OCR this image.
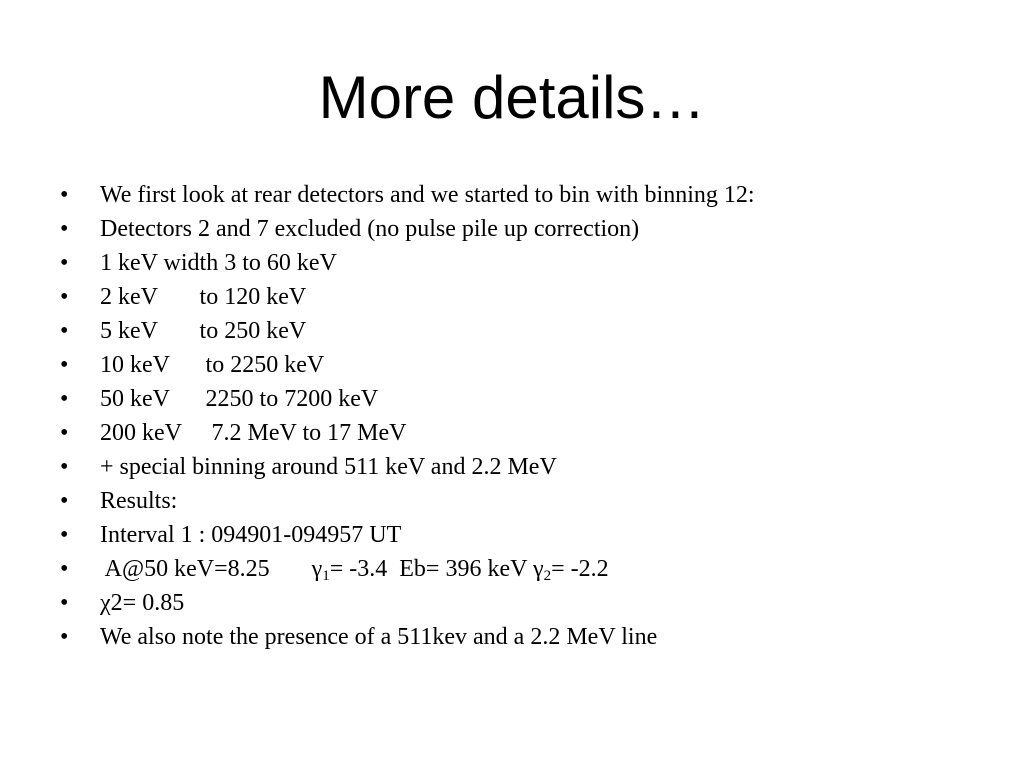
More details…

•

We first look at rear detectors and we started to bin with binning 12:

•

Detectors 2 and 7 excluded (no pulse pile up correction)

•

1 keV width 3 to 60 keV

•

2 keV       to 120 keV

•

5 keV       to 250 keV

•

10 keV      to 2250 keV

•

50 keV      2250 to 7200 keV

•

200 keV     7.2 MeV to 17 MeV

•

+ special binning around 511 keV and 2.2 MeV

•

Results:

•

Interval 1 : 094901-094957 UT

•

A@50 keV=8.25       $\gamma_1= -3.4$  Eb= 396 keV $\gamma_2= -2.2$

•

χ2= 0.85

•

We also note the presence of a 511kev and a 2.2 MeV line
